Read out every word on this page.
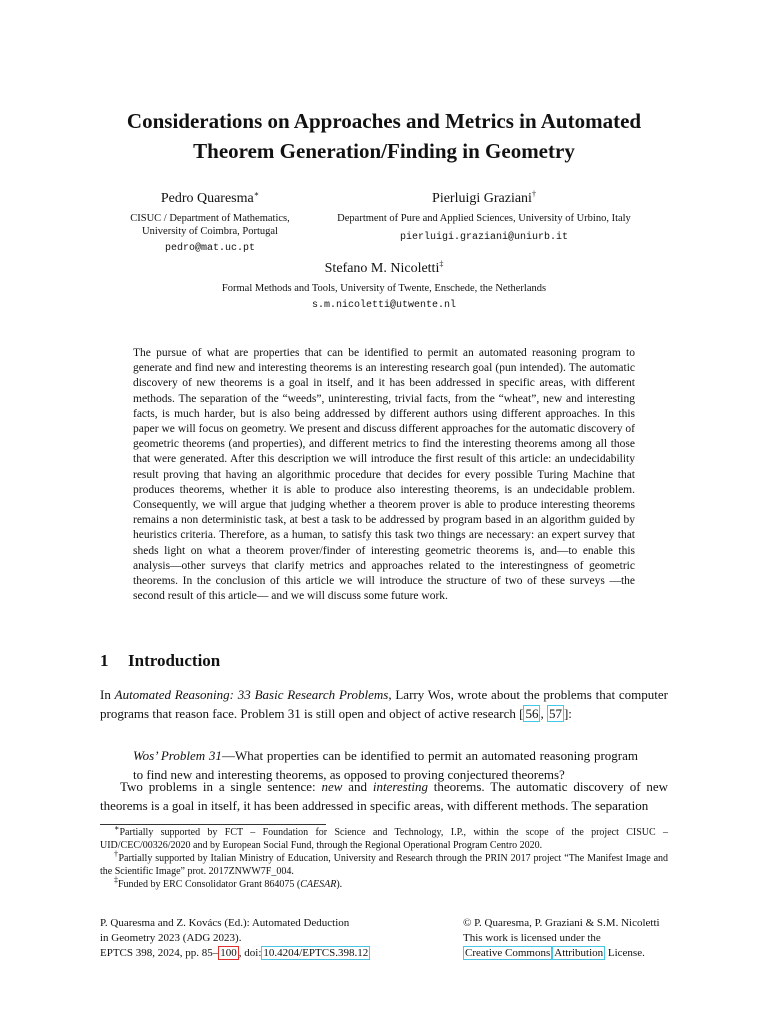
Considerations on Approaches and Metrics in Automated
Theorem Generation/Finding in Geometry
Pedro Quaresma∗
CISUC / Department of Mathematics,
University of Coimbra, Portugal
pedro@mat.uc.pt
Pierluigi Graziani†
Department of Pure and Applied Sciences, University of Urbino, Italy
pierluigi.graziani@uniurb.it
Stefano M. Nicoletti‡
Formal Methods and Tools, University of Twente, Enschede, the Netherlands
s.m.nicoletti@utwente.nl

The pursue of what are properties that can be identified to permit an automated reasoning program to generate and find new and interesting theorems is an interesting research goal (pun intended). The automatic discovery of new theorems is a goal in itself, and it has been addressed in specific areas, with different methods. The separation of the “weeds”, uninteresting, trivial facts, from the “wheat”, new and interesting facts, is much harder, but is also being addressed by different authors using different approaches. In this paper we will focus on geometry. We present and discuss different approaches for the automatic discovery of geometric theorems (and properties), and different metrics to find the interesting theorems among all those that were generated. After this description we will introduce the first result of this article: an undecidability result proving that having an algorithmic procedure that decides for every possible Turing Machine that produces theorems, whether it is able to produce also interesting theorems, is an undecidable problem. Consequently, we will argue that judging whether a theorem prover is able to produce interesting theorems remains a non deterministic task, at best a task to be addressed by program based in an algorithm guided by heuristics criteria. Therefore, as a human, to satisfy this task two things are necessary: an expert survey that sheds light on what a theorem prover/finder of interesting geometric theorems is, and—to enable this analysis—other surveys that clarify metrics and approaches related to the interestingness of geometric theorems. In the conclusion of this article we will introduce the structure of two of these surveys —the second result of this article— and we will discuss some future work.

1 Introduction

In Automated Reasoning: 33 Basic Research Problems, Larry Wos, wrote about the problems that computer programs that reason face. Problem 31 is still open and object of active research [ 56 , 57 ]:

Wos’ Problem 31—What properties can be identified to permit an automated reasoning program to find new and interesting theorems, as opposed to proving conjectured theorems?

Two problems in a single sentence: new and interesting theorems. The automatic discovery of new theorems is a goal in itself, it has been addressed in specific areas, with different methods. The separation

∗Partially supported by FCT – Foundation for Science and Technology, I.P., within the scope of the project CISUC – UID/CEC/00326/2020 and by European Social Fund, through the Regional Operational Program Centro 2020.

†Partially supported by Italian Ministry of Education, University and Research through the PRIN 2017 project “The Manifest Image and the Scientific Image” prot. 2017ZNWW7F_004.

‡Funded by ERC Consolidator Grant 864075 (CAESAR).

P. Quaresma and Z. Kovács (Ed.): Automated Deduction
in Geometry 2023 (ADG 2023).
EPTCS 398, 2024, pp. 85– 100 , doi: 10.4204/EPTCS.398.12
© P. Quaresma, P. Graziani & S.M. Nicoletti
This work is licensed under the
Creative Commons Attribution License.
